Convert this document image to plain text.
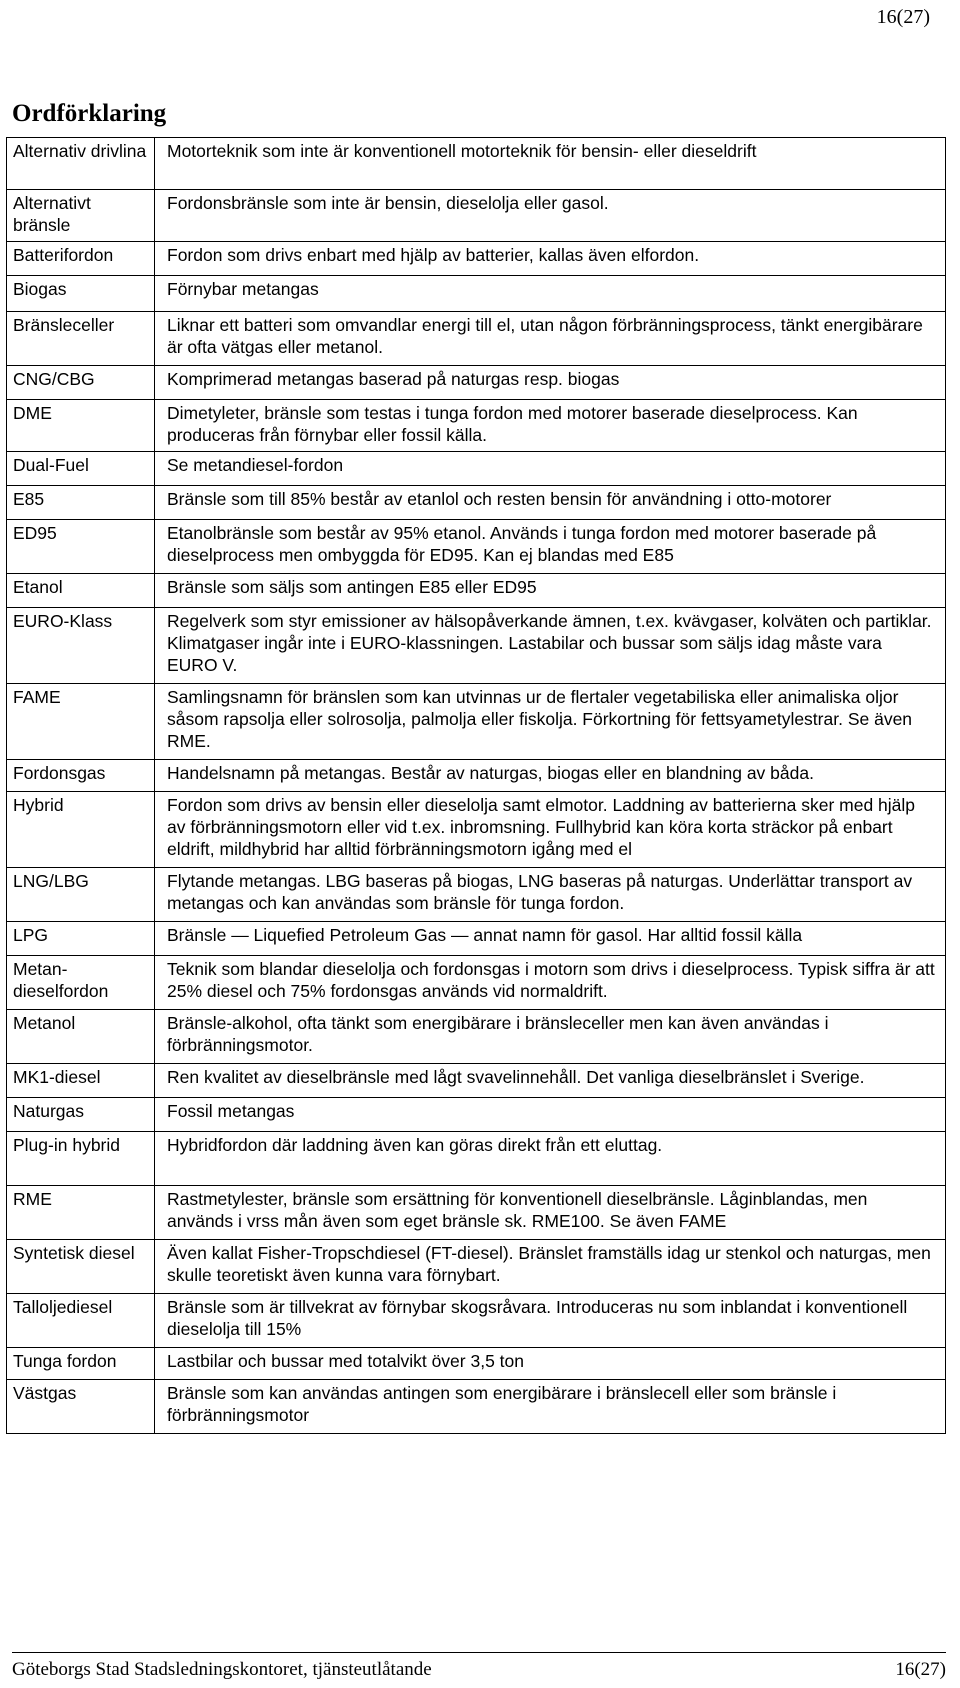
16(27)
Ordförklaring
Alternativ drivlina	Motorteknik som inte är konventionell motorteknik för bensin- eller dieseldrift
Alternativt bränsle	Fordonsbränsle som inte är bensin, dieselolja eller gasol.
Batterifordon	Fordon som drivs enbart med hjälp av batterier, kallas även elfordon.
Biogas	Förnybar metangas
Bränsleceller	Liknar ett batteri som omvandlar energi till el, utan någon förbränningsprocess, tänkt energibärare är ofta vätgas eller metanol.
CNG/CBG	Komprimerad metangas baserad på naturgas resp. biogas
DME	Dimetyleter, bränsle som testas i tunga fordon med motorer baserade dieselprocess. Kan produceras från förnybar eller fossil källa.
Dual-Fuel	Se metandiesel-fordon
E85	Bränsle som till 85% består av etanlol och resten bensin för användning i otto-motorer
ED95	Etanolbränsle som består av 95% etanol. Används i tunga fordon med motorer baserade på dieselprocess men ombyggda för ED95. Kan ej blandas med E85
Etanol	Bränsle som säljs som antingen E85 eller ED95
EURO-Klass	Regelverk som styr emissioner av hälsopåverkande ämnen, t.ex. kvävgaser, kolväten och partiklar. Klimatgaser ingår inte i EURO-klassningen. Lastabilar och bussar som säljs idag måste vara EURO V.
FAME	Samlingsnamn för bränslen som kan utvinnas ur de flertaler vegetabiliska eller animaliska oljor såsom rapsolja eller solrosolja, palmolja eller fiskolja. Förkortning för fettsyametylestrar. Se även RME.
Fordonsgas	Handelsnamn på metangas. Består av naturgas, biogas eller en blandning av båda.
Hybrid	Fordon som drivs av bensin eller dieselolja samt elmotor. Laddning av batterierna sker med hjälp av förbränningsmotorn eller vid t.ex. inbromsning. Fullhybrid kan köra korta sträckor på enbart eldrift, mildhybrid har alltid förbränningsmotorn igång med el
LNG/LBG	Flytande metangas. LBG baseras på biogas, LNG baseras på naturgas. Underlättar transport av metangas och kan användas som bränsle för tunga fordon.
LPG	Bränsle — Liquefied Petroleum Gas — annat namn för gasol. Har alltid fossil källa
Metan-dieselfordon	Teknik som blandar dieselolja och fordonsgas i motorn som drivs i dieselprocess. Typisk siffra är att 25% diesel och 75% fordonsgas används vid normaldrift.
Metanol	Bränsle-alkohol, ofta tänkt som energibärare i bränsleceller men kan även användas i förbränningsmotor.
MK1-diesel	Ren kvalitet av dieselbränsle med lågt svavelinnehåll. Det vanliga dieselbränslet i Sverige.
Naturgas	Fossil metangas
Plug-in hybrid	Hybridfordon där laddning även kan göras direkt från ett eluttag.
RME	Rastmetylester, bränsle som ersättning för konventionell dieselbränsle. Låginblandas, men används i vrss mån även som eget bränsle sk. RME100. Se även FAME
Syntetisk diesel	Även kallat Fisher-Tropschdiesel (FT-diesel). Bränslet framställs idag ur stenkol och naturgas, men skulle teoretiskt även kunna vara förnybart.
Talloljediesel	Bränsle som är tillvekrat av förnybar skogsråvara. Introduceras nu som inblandat i konventionell dieselolja till 15%
Tunga fordon	Lastbilar och bussar med totalvikt över 3,5 ton
Västgas	Bränsle som kan användas antingen som energibärare i bränslecell eller som bränsle i förbränningsmotor
Göteborgs Stad Stadsledningskontoret, tjänsteutlåtande	16(27)
